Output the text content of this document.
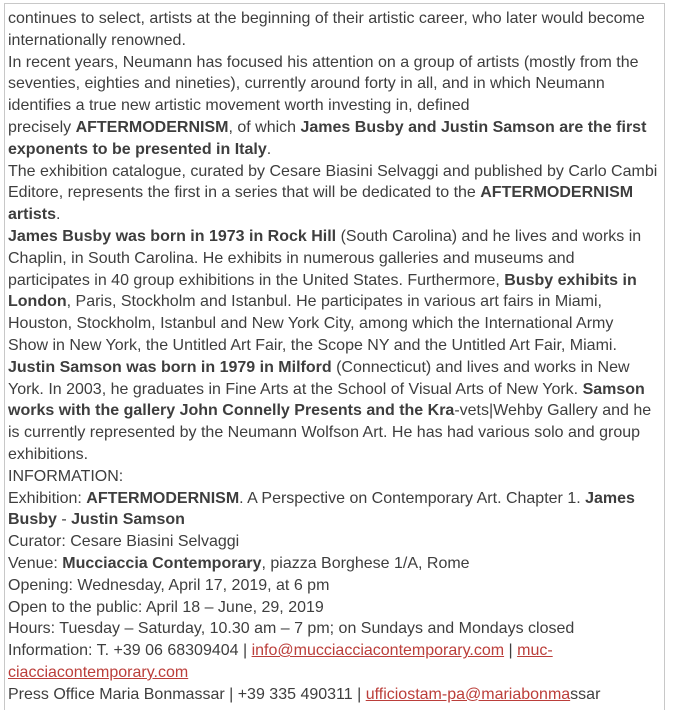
continues to select, artists at the beginning of their artistic career, who later would become
internationally renowned.
In recent years, Neumann has focused his attention on a group of artists (mostly from the
seventies, eighties and nineties), currently around forty in all, and in which Neumann
identifies a true new artistic movement worth investing in, defined
precisely AFTERMODERNISM, of which James Busby and Justin Samson are the first
exponents to be presented in Italy.
The exhibition catalogue, curated by Cesare Biasini Selvaggi and published by Carlo Cambi
Editore, represents the first in a series that will be dedicated to the AFTERMODERNISM
artists.
James Busby was born in 1973 in Rock Hill (South Carolina) and he lives and works in
Chaplin, in South Carolina. He exhibits in numerous galleries and museums and
participates in 40 group exhibitions in the United States. Furthermore, Busby exhibits in
London, Paris, Stockholm and Istanbul. He participates in various art fairs in Miami,
Houston, Stockholm, Istanbul and New York City, among which the International Army
Show in New York, the Untitled Art Fair, the Scope NY and the Untitled Art Fair, Miami.
Justin Samson was born in 1979 in Milford (Connecticut) and lives and works in New
York. In 2003, he graduates in Fine Arts at the School of Visual Arts of New York. Samson
works with the gallery John Connelly Presents and the Kra-vets|Wehby Gallery and he
is currently represented by the Neumann Wolfson Art. He has had various solo and group
exhibitions.
INFORMATION:
Exhibition: AFTERMODERNISM. A Perspective on Contemporary Art. Chapter 1. James
Busby - Justin Samson
Curator: Cesare Biasini Selvaggi
Venue: Mucciaccia Contemporary, piazza Borghese 1/A, Rome
Opening: Wednesday, April 17, 2019, at 6 pm
Open to the public: April 18 – June, 29, 2019
Hours: Tuesday – Saturday, 10.30 am – 7 pm; on Sundays and Mondays closed
Information: T. +39 06 68309404 | info@mucciacciacontemporary.com | muc-
ciacciacontemporary.com
Press Office Maria Bonmassar | +39 335 490311 | ufficiostam-pa@mariabonmassar
